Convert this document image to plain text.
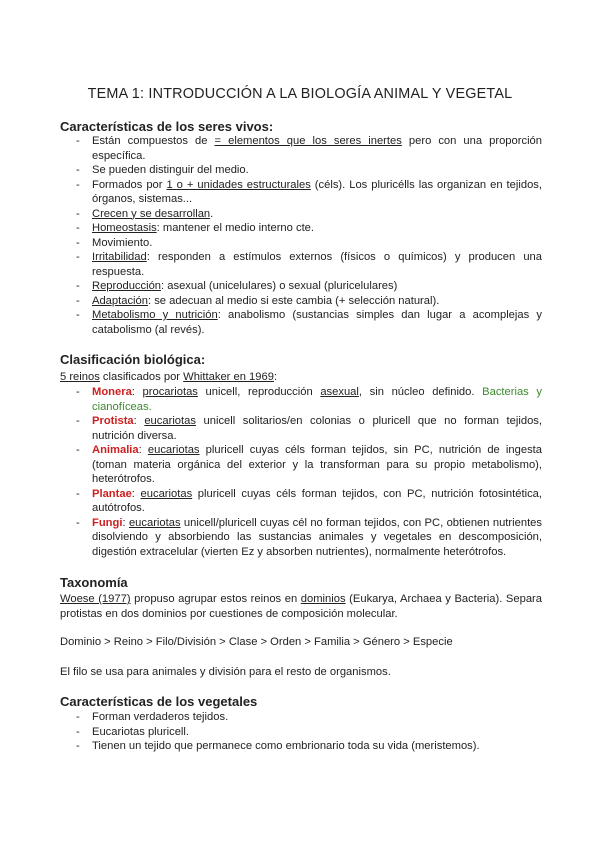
TEMA 1: INTRODUCCIÓN A LA BIOLOGÍA ANIMAL Y VEGETAL
Características de los seres vivos:
- Están compuestos de = elementos que los seres inertes pero con una proporción específica.
- Se pueden distinguir del medio.
- Formados por 1 o + unidades estructurales (céls). Los pluricélls las organizan en tejidos, órganos, sistemas...
- Crecen y se desarrollan.
- Homeostasis: mantener el medio interno cte.
- Movimiento.
- Irritabilidad: responden a estímulos externos (físicos o químicos) y producen una respuesta.
- Reproducción: asexual (unicelulares) o sexual (pluricelulares)
- Adaptación: se adecuan al medio si este cambia (+ selección natural).
- Metabolismo y nutrición: anabolismo (sustancias simples dan lugar a acomplejas y catabolismo (al revés).
Clasificación biológica:
5 reinos clasificados por Whittaker en 1969:
- Monera: procariotas unicell, reproducción asexual, sin núcleo definido. Bacterias y cianofíceas.
- Protista: eucariotas unicell solitarios/en colonias o pluricell que no forman tejidos, nutrición diversa.
- Animalia: eucariotas pluricell cuyas céls forman tejidos, sin PC, nutrición de ingesta (toman materia orgánica del exterior y la transforman para su propio metabolismo), heterótrofos.
- Plantae: eucariotas pluricell cuyas céls forman tejidos, con PC, nutrición fotosintética, autótrofos.
- Fungi: eucariotas unicell/pluricell cuyas cél no forman tejidos, con PC, obtienen nutrientes disolviendo y absorbiendo las sustancias animales y vegetales en descomposición, digestión extracelular (vierten Ez y absorben nutrientes), normalmente heterótrofos.
Taxonomía
Woese (1977) propuso agrupar estos reinos en dominios (Eukarya, Archaea y Bacteria). Separa protistas en dos dominios por cuestiones de composición molecular.
Dominio > Reino > Filo/División > Clase > Orden > Familia > Género > Especie
El filo se usa para animales y división para el resto de organismos.
Características de los vegetales
- Forman verdaderos tejidos.
- Eucariotas pluricell.
- Tienen un tejido que permanece como embrionario toda su vida (meristemos).
